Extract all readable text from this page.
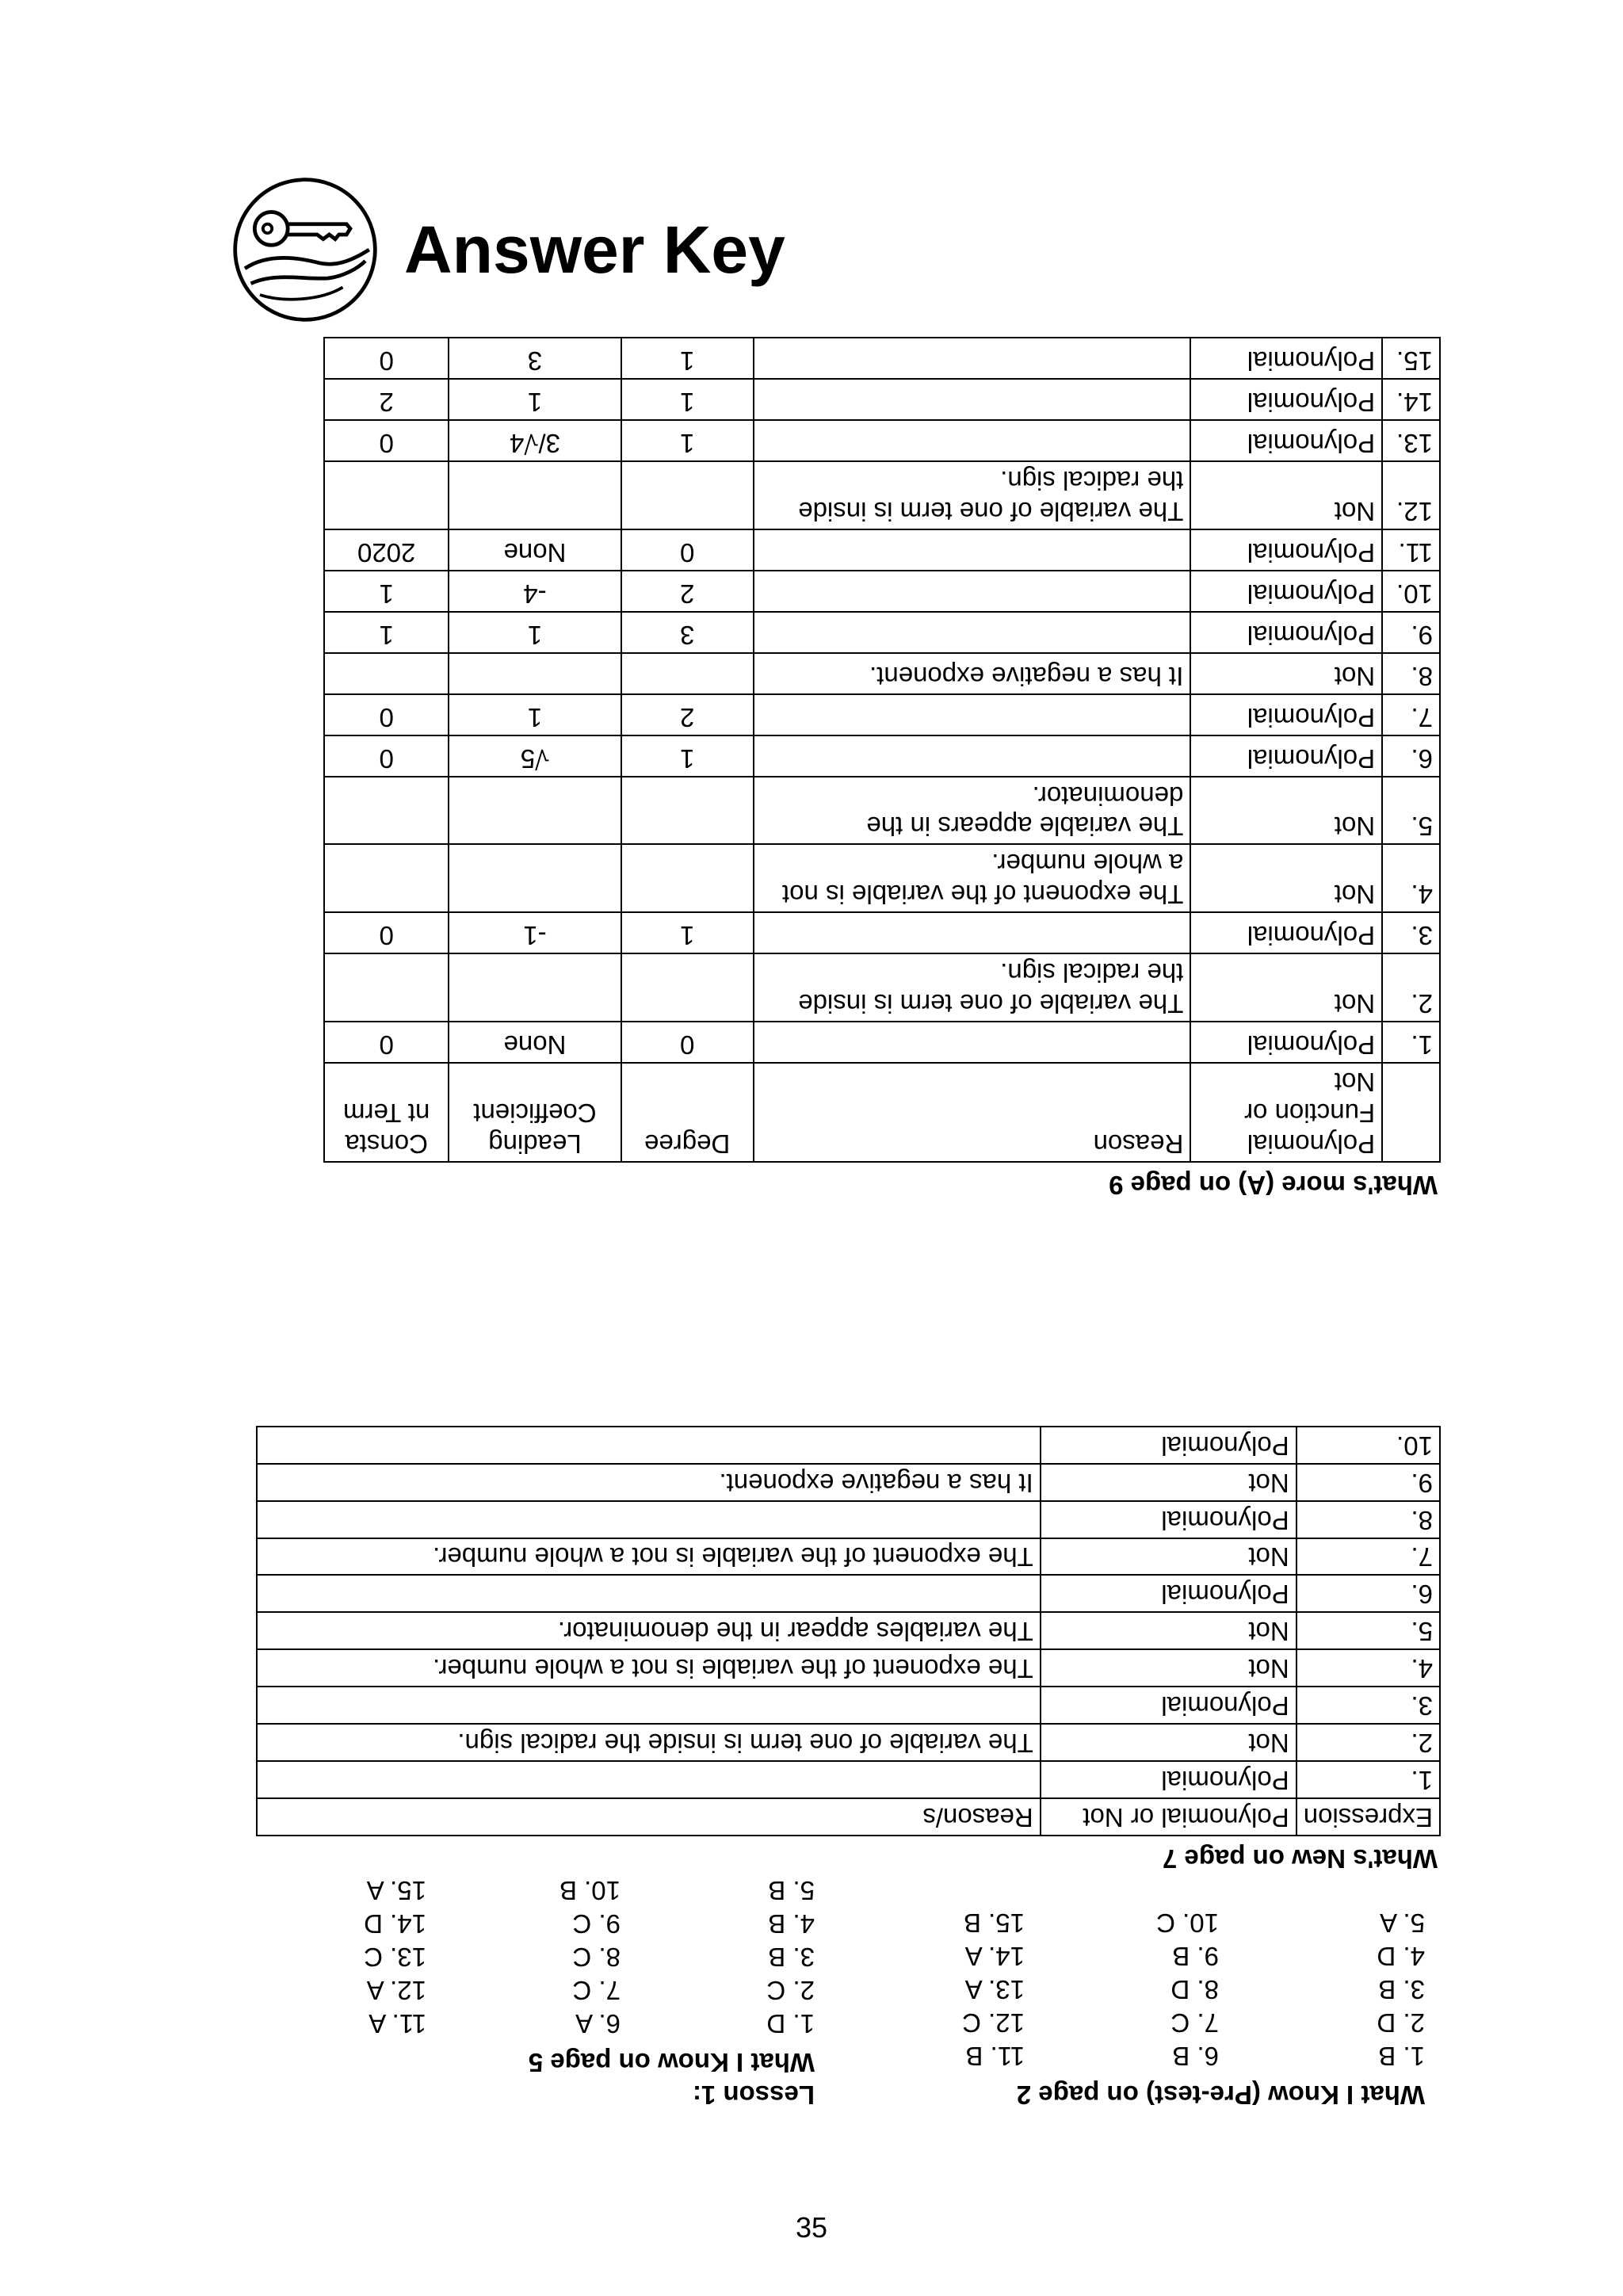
Answer Key
What I Know (Pre-test) on page 2
1. B
6. B
11. B
2. D
7. C
12. C
3. B
8. D
13. A
4. D
9. B
14. A
5. A
10. C
15. B
Lesson 1:
What I Know on page 5
1. D
6. A
11. A
2. C
7. C
12. A
3. B
8. C
13. C
4. B
9. C
14. D
5. B
10. B
15. A
What's New on page 7
Expression	Polynomial or Not	Reason/s
1.	Polynomial	
2.	Not	The variable of one term is inside the radical sign.
3.	Polynomial	
4.	Not	The exponent of the variable is not a whole number.
5.	Not	The variables appear in the denominator.
6.	Polynomial	
7.	Not	The exponent of the variable is not a whole number.
8.	Polynomial	
9.	Not	It has a negative exponent.
10.	Polynomial	
What's more (A) on page 9
	Polynomial Function or Not	Reason	Degree	Leading Coefficient	Consta nt Term
1.	Polynomial		0	None	0
2.	Not	The variable of one term is inside the radical sign.			
3.	Polynomial		1	-1	0
4.	Not	The exponent of the variable is not a whole number.			
5.	Not	The variable appears in the denominator.			
6.	Polynomial		1	√5	0
7.	Polynomial		2	1	0
8.	Not	It has a negative exponent.			
9.	Polynomial		3	1	1
10.	Polynomial		2	-4	1
11.	Polynomial		0	None	2020
12.	Not	The variable of one term is inside the radical sign.			
13.	Polynomial		1	3/√4	0
14.	Polynomial		1	1	2
15.	Polynomial		1	3	0
35
